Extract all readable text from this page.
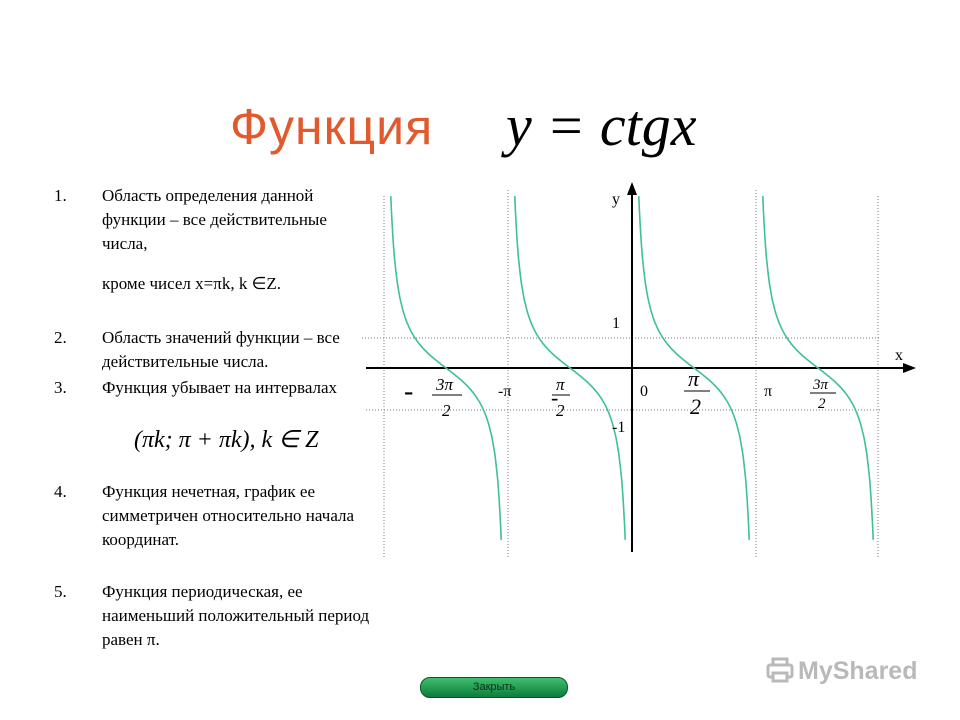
Функция y = ctgx
1. Область определения данной функции – все действительные числа,
кроме чисел x=πk, k ∈Z.
2. Область значений функции – все действительные числа.
3. Функция убывает на интервалах
(πk; π + πk), k ∈ Z
4. Функция нечетная, график ее симметричен относительно начала координат.
5. Функция периодическая, ее наименьший положительный период равен π.
y
x
1
-1
0
-π	π
- 3π
2
-
π
2
π
2
3π
2
Закрыть
MyShared
